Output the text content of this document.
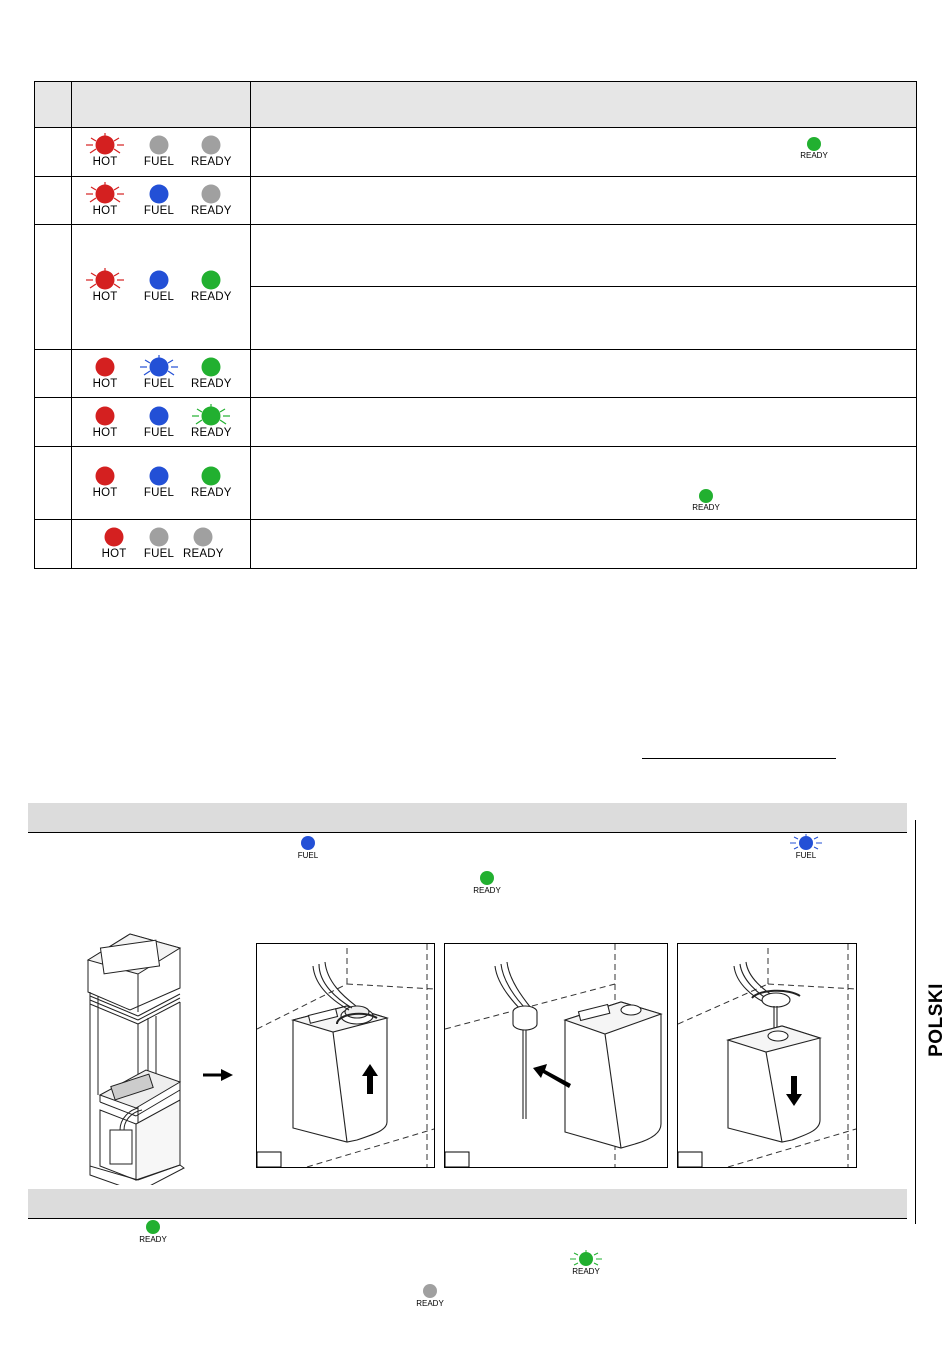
HOT	FUEL	READY
READY
HOT	FUEL	READY
HOT	FUEL	READY
HOT	FUEL	READY
HOT	FUEL	READY
HOT	FUEL	READY
READY
HOT	FUEL READY
FUEL	FUEL
READY
READY
READY
READY
POLSKI
